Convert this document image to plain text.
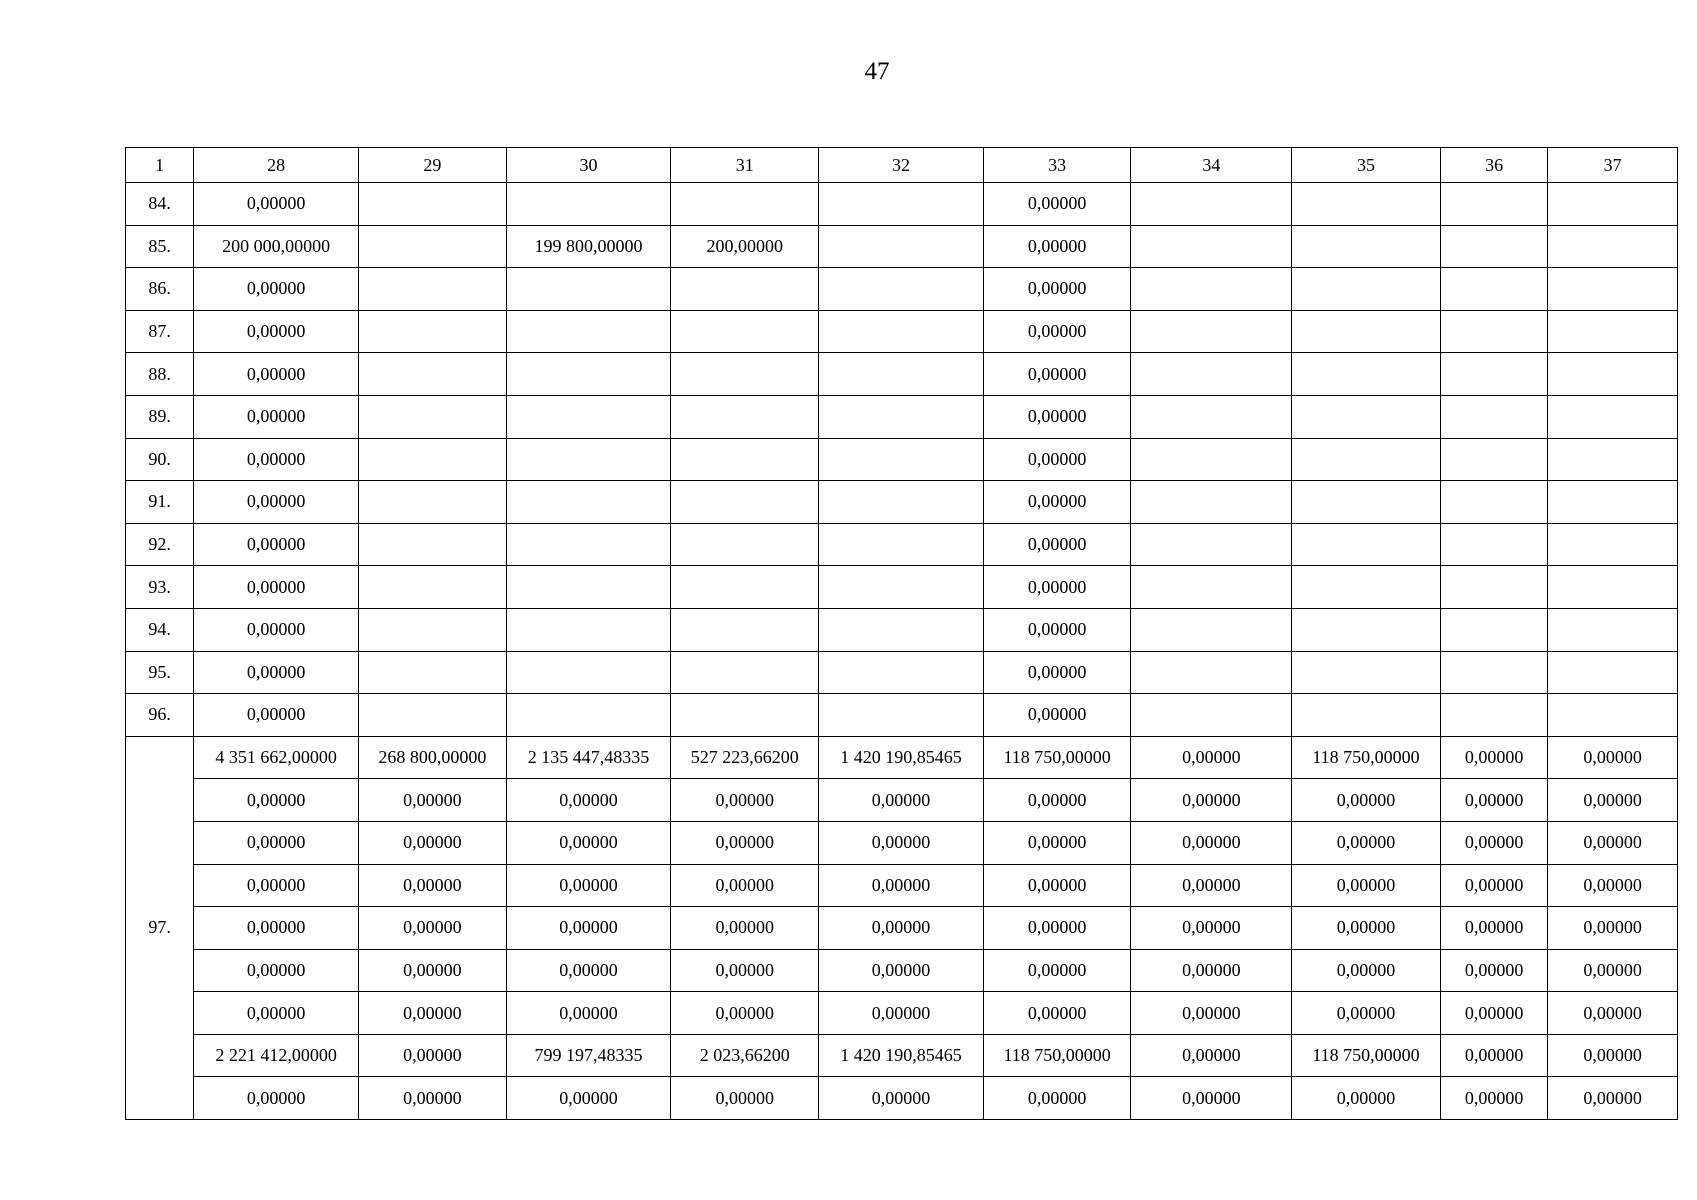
47
1	28	29	30	31	32	33	34	35	36	37
84.	0,00000					0,00000				
85.	200 000,00000		199 800,00000	200,00000		0,00000				
86.	0,00000					0,00000				
87.	0,00000					0,00000				
88.	0,00000					0,00000				
89.	0,00000					0,00000				
90.	0,00000					0,00000				
91.	0,00000					0,00000				
92.	0,00000					0,00000				
93.	0,00000					0,00000				
94.	0,00000					0,00000				
95.	0,00000					0,00000				
96.	0,00000					0,00000				
97.	4 351 662,00000	268 800,00000	2 135 447,48335	527 223,66200	1 420 190,85465	118 750,00000	0,00000	118 750,00000	0,00000	0,00000
	0,00000	0,00000	0,00000	0,00000	0,00000	0,00000	0,00000	0,00000	0,00000	0,00000
	0,00000	0,00000	0,00000	0,00000	0,00000	0,00000	0,00000	0,00000	0,00000	0,00000
	0,00000	0,00000	0,00000	0,00000	0,00000	0,00000	0,00000	0,00000	0,00000	0,00000
	0,00000	0,00000	0,00000	0,00000	0,00000	0,00000	0,00000	0,00000	0,00000	0,00000
	0,00000	0,00000	0,00000	0,00000	0,00000	0,00000	0,00000	0,00000	0,00000	0,00000
	0,00000	0,00000	0,00000	0,00000	0,00000	0,00000	0,00000	0,00000	0,00000	0,00000
	2 221 412,00000	0,00000	799 197,48335	2 023,66200	1 420 190,85465	118 750,00000	0,00000	118 750,00000	0,00000	0,00000
	0,00000	0,00000	0,00000	0,00000	0,00000	0,00000	0,00000	0,00000	0,00000	0,00000
